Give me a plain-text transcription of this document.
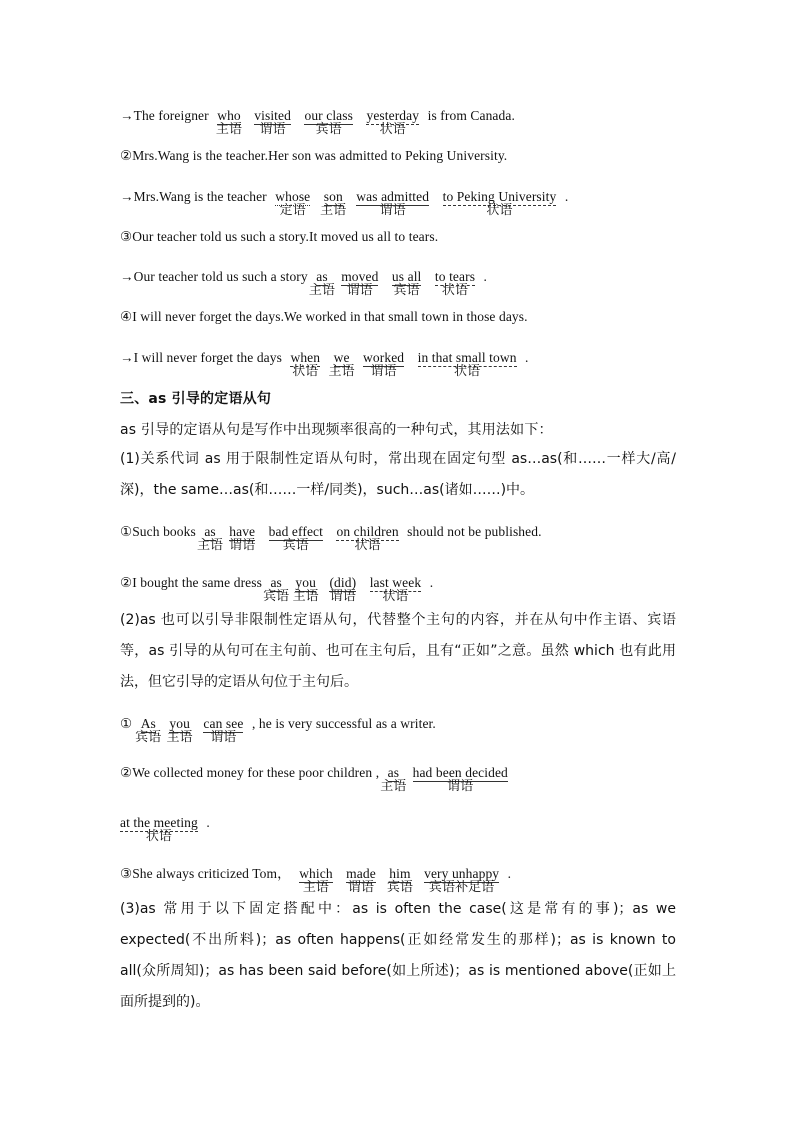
→The foreigner who
主语
visited
谓语
our class
宾语
yesterday
状语
is from Canada.
②Mrs.Wang is the teacher.Her son was admitted to Peking University.
→Mrs.Wang is the teacher whose
定语
son
主语
was admitted
谓语
to Peking University
状语
.
③Our teacher told us such a story.It moved us all to tears.
→Our teacher told us such a story as
主语
moved
谓语
us all
宾语
to tears
状语
.
④I will never forget the days.We worked in that small town in those days.
→I will never forget the days when
状语
we
主语
worked
谓语
in that small town
状语
.
三、as 引导的定语从句
as 引导的定语从句是写作中出现频率很高的一种句式，其用法如下：
(1)关系代词 as 用于限制性定语从句时，常出现在固定句型 as…as(和……一样大/高/深)，the same…as(和……一样/同类)，such…as(诸如……)中。
①Such books as
主语
have
谓语
bad effect
宾语
on children
状语
should not be published.
②I bought the same dress as
宾语
you
主语
(did)
谓语
last week
状语
.
(2)as 也可以引导非限制性定语从句，代替整个主句的内容，并在从句中作主语、宾语等，as 引导的从句可在主句前、也可在主句后，且有“正如”之意。虽然 which 也有此用法，但它引导的定语从句位于主句后。
① As
宾语
you
主语
can see
谓语
, he is very successful as a writer.
②We collected money for these poor children , as
主语
had been decided
谓语
at the meeting
状语
.
③She always criticized Tom， which
主语
made
谓语
him
宾语
very unhappy
宾语补足语
.
(3)as 常用于以下固定搭配中：as is often the case(这是常有的事)；as we expected(不出所料)；as often happens(正如经常发生的那样)；as is known to all(众所周知)；as has been said before(如上所述)；as is mentioned above(正如上面所提到的)。
